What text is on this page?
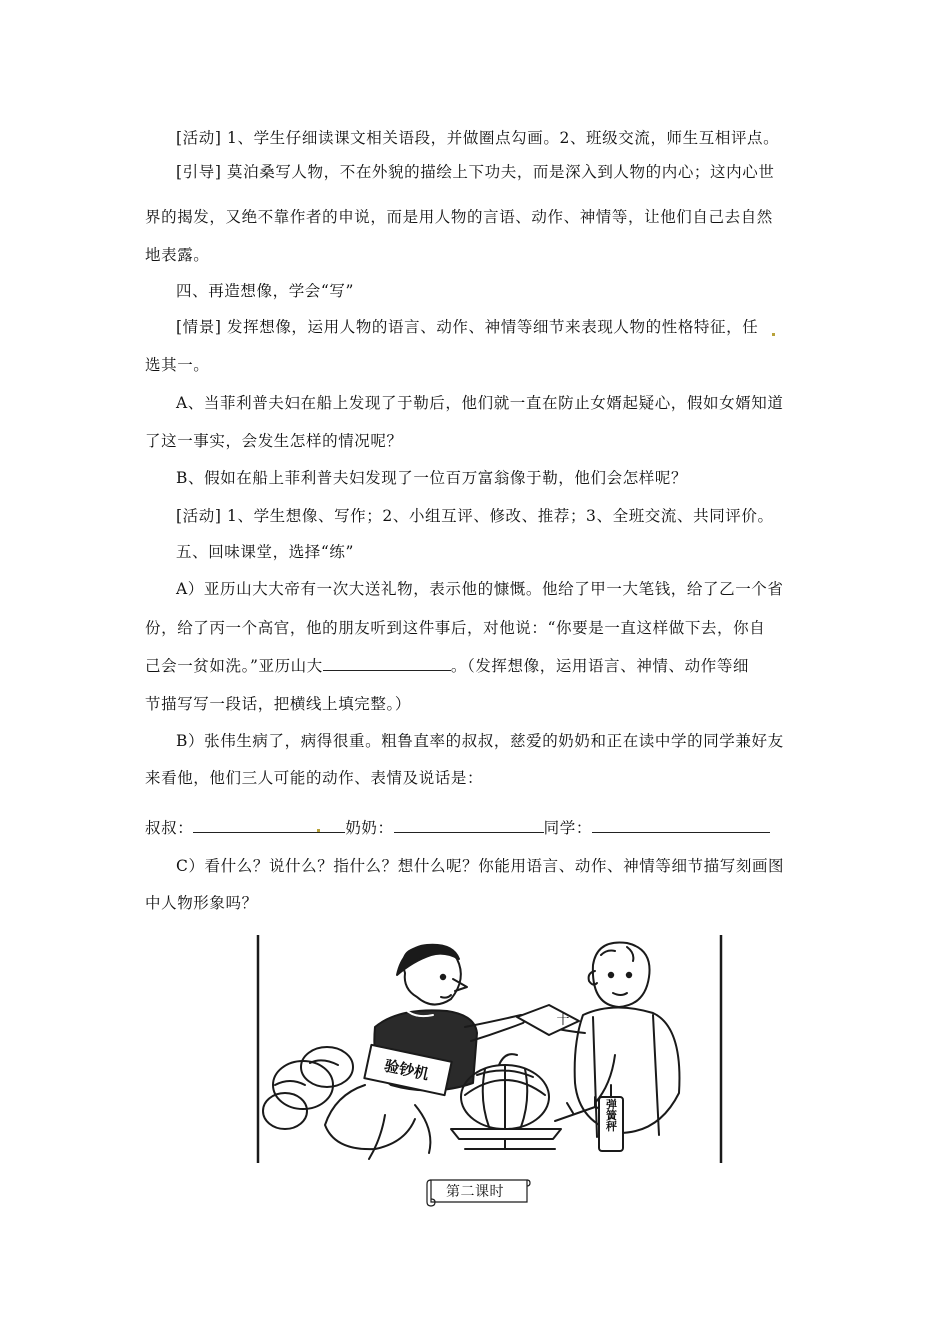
[活动] 1、学生仔细读课文相关语段，并做圈点勾画。2、班级交流，师生互相评点。

[引导] 莫泊桑写人物，不在外貌的描绘上下功夫，而是深入到人物的内心；这内心世

界的揭发，又绝不靠作者的申说，而是用人物的言语、动作、神情等，让他们自己去自然

地表露。

四、再造想像，学会“写”

[情景] 发挥想像，运用人物的语言、动作、神情等细节来表现人物的性格特征，任

选其一。

A、当菲利普夫妇在船上发现了于勒后，他们就一直在防止女婿起疑心，假如女婿知道

了这一事实，会发生怎样的情况呢？

B、假如在船上菲利普夫妇发现了一位百万富翁像于勒，他们会怎样呢？

[活动] 1、学生想像、写作；2、小组互评、修改、推荐；3、全班交流、共同评价。

五、回味课堂，选择“练”

A）亚历山大大帝有一次大送礼物，表示他的慷慨。他给了甲一大笔钱，给了乙一个省

份，给了丙一个高官，他的朋友听到这件事后，对他说：“你要是一直这样做下去，你自

己会一贫如洗。”亚历山大	。（发挥想像，运用语言、神情、动作等细

节描写写一段话，把横线上填完整。）

B）张伟生病了，病得很重。粗鲁直率的叔叔，慈爱的奶奶和正在读中学的同学兼好友

来看他，他们三人可能的动作、表情及说话是：

叔叔：	奶奶：	同学：

C）看什么？说什么？指什么？想什么呢？你能用语言、动作、神情等细节描写刻画图

中人物形象吗？

验钞机
十
弹簧秤
第二课时
